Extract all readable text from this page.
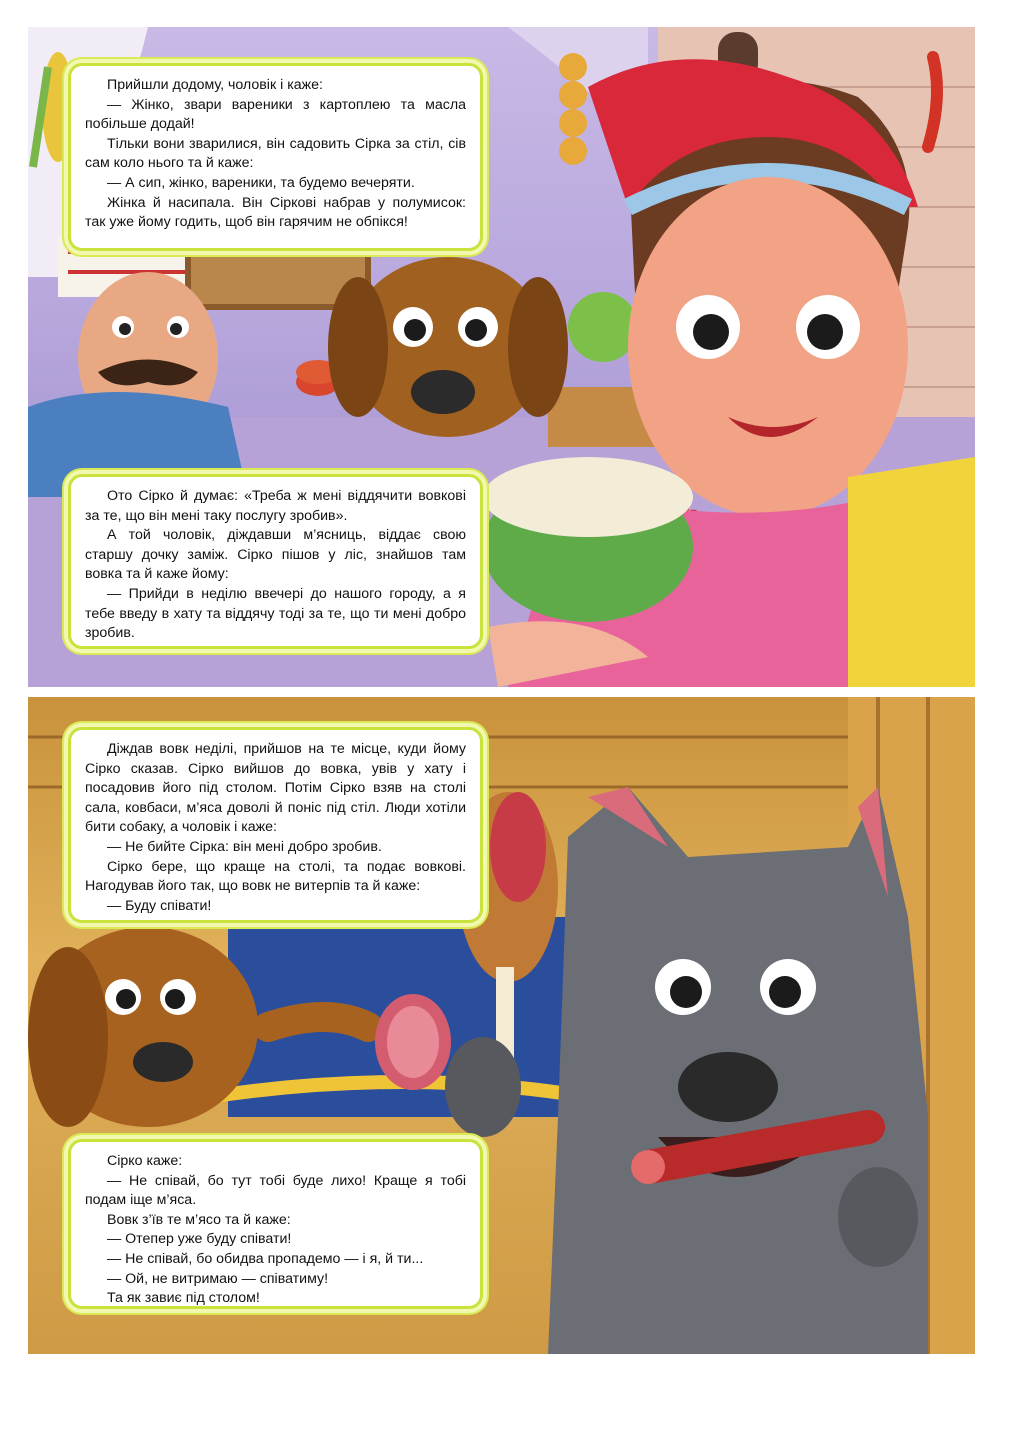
Прийшли додому, чоловік і каже:

— Жінко, звари вареники з картоплею та масла побільше додай!

Тільки вони зварилися, він садовить Сірка за стіл, сів сам коло нього та й каже:

— А сип, жінко, вареники, та будемо вечеряти.

Жінка й насипала. Він Сіркові набрав у полумисок: так уже йому годить, щоб він гарячим не обпікся!

Ото Сірко й думає: «Треба ж мені віддячити вовкові за те, що він мені таку послугу зробив».

А той чоловік, діждавши м’ясниць, віддає свою старшу дочку заміж. Сірко пішов у ліс, знайшов там вовка та й каже йому:

— Прийди в неділю ввечері до нашого городу, а я тебе введу в хату та віддячу тоді за те, що ти мені добро зробив.

Діждав вовк неділі, прийшов на те місце, куди йому Сірко сказав. Сірко вийшов до вовка, увів у хату і посадовив його під столом. Потім Сірко взяв на столі сала, ковбаси, м’яса доволі й поніс під стіл. Люди хотіли бити собаку, а чоловік і каже:

— Не бийте Сірка: він мені добро зробив.

Сірко бере, що краще на столі, та подає вовкові. Нагодував його так, що вовк не витерпів та й каже:

— Буду співати!

Сірко каже:

— Не співай, бо тут тобі буде лихо! Краще я тобі подам іще м’яса.

Вовк з’їв те м’ясо та й каже:

— Отепер уже буду співати!

— Не співай, бо обидва пропадемо — і я, й ти...

— Ой, не витримаю — співатиму!

Та як завиє під столом!
